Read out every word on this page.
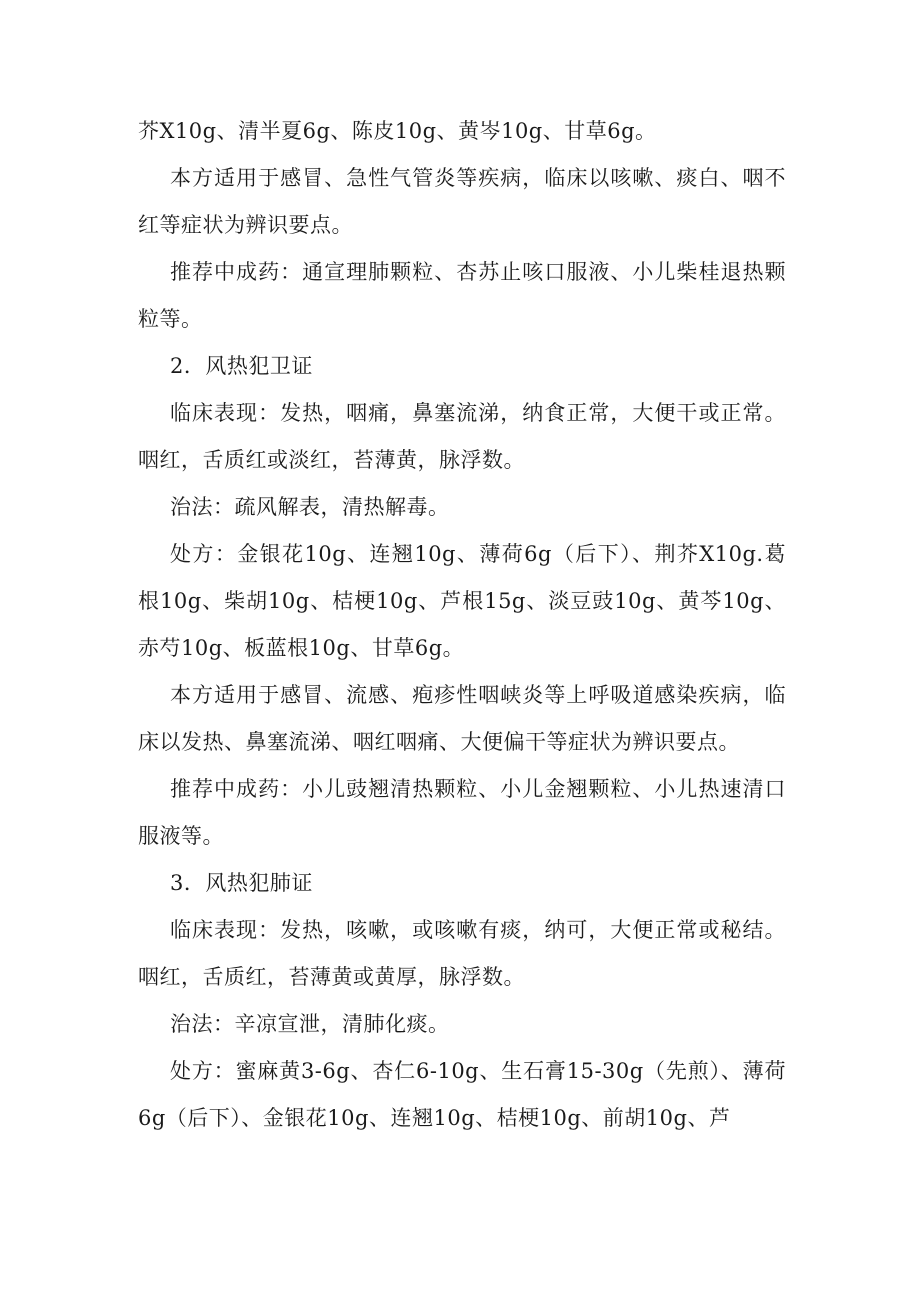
芥X10g、清半夏6g、陈皮10g、黄岑10g、甘草6g。

本方适用于感冒、急性气管炎等疾病，临床以咳嗽、痰白、咽不红等症状为辨识要点。

推荐中成药：通宣理肺颗粒、杏苏止咳口服液、小儿柴桂退热颗粒等。

2．风热犯卫证

临床表现：发热，咽痛，鼻塞流涕，纳食正常，大便干或正常。咽红，舌质红或淡红，苔薄黄，脉浮数。

治法：疏风解表，清热解毒。

处方：金银花10g、连翘10g、薄荷6g（后下）、荆芥X10g.葛根10g、柴胡10g、桔梗10g、芦根15g、淡豆豉10g、黄芩10g、赤芍10g、板蓝根10g、甘草6g。

本方适用于感冒、流感、疱疹性咽峡炎等上呼吸道感染疾病，临床以发热、鼻塞流涕、咽红咽痛、大便偏干等症状为辨识要点。

推荐中成药：小儿豉翘清热颗粒、小儿金翘颗粒、小儿热速清口服液等。

3．风热犯肺证

临床表现：发热，咳嗽，或咳嗽有痰，纳可，大便正常或秘结。咽红，舌质红，苔薄黄或黄厚，脉浮数。

治法：辛凉宣泄，清肺化痰。

处方：蜜麻黄3-6g、杏仁6-10g、生石膏15-30g（先煎）、薄荷6g（后下）、金银花10g、连翘10g、桔梗10g、前胡10g、芦
